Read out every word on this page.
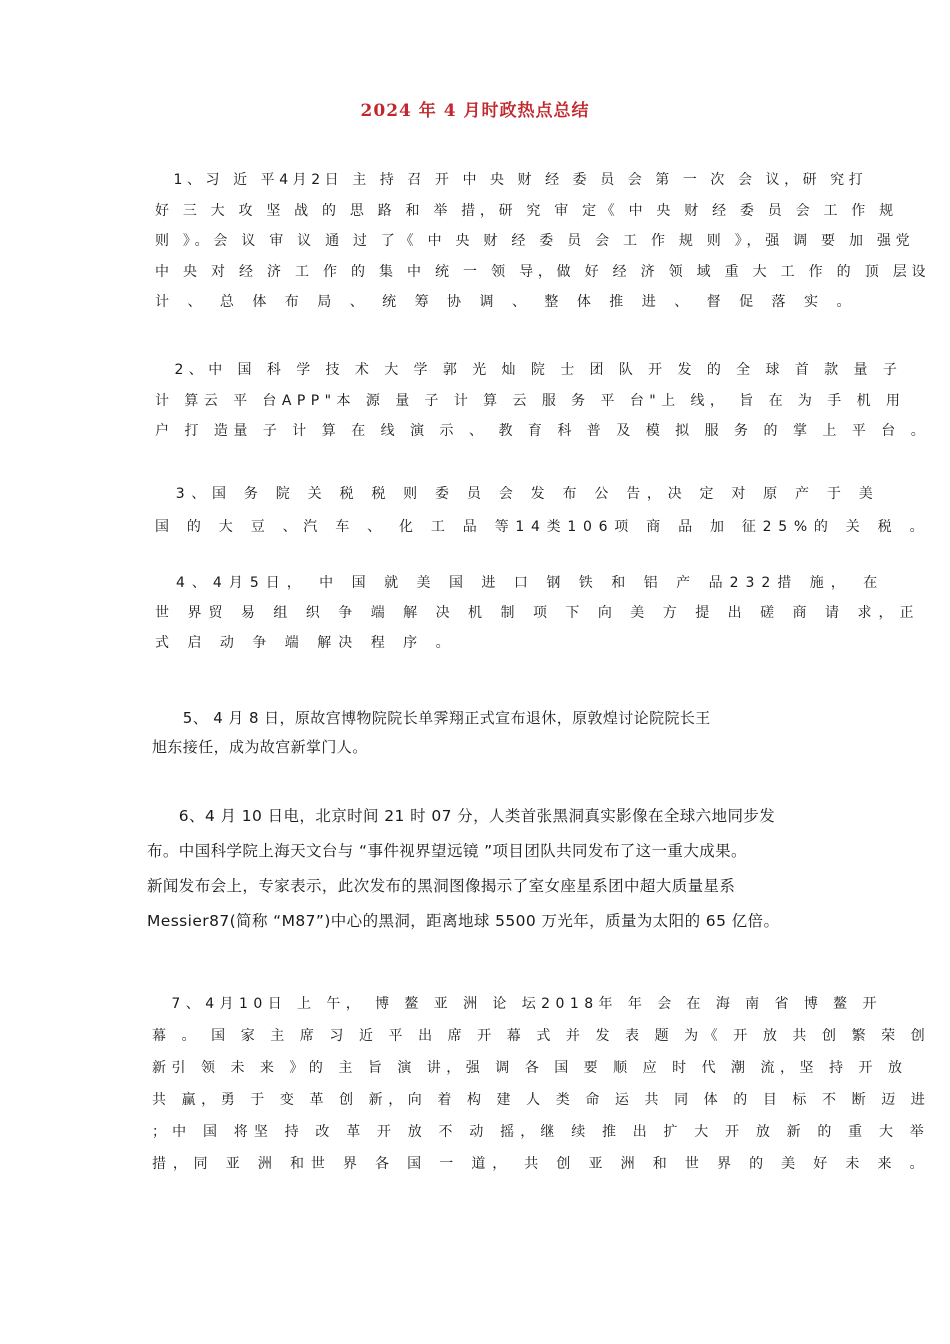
2024 年 4 月时政热点总结
　1、习 近 平4月2日 主 持 召 开 中 央 财 经 委 员 会 第 一 次 会 议，研 究打
好 三 大 攻 坚 战 的 思 路 和 举 措，研 究 审 定《 中 央 财 经 委 员 会 工 作 规
则 》。会 议 审 议 通 过 了《 中 央 财 经 委 员 会 工 作 规 则 》，强 调 要 加 强党
中 央 对 经 济 工 作 的 集 中 统 一 领 导，做 好 经 济 领 域 重 大 工 作 的 顶 层设
计 、 总 体 布 局 、 统 筹 协 调 、 整 体 推 进 、 督 促 落 实 。
　2、中 国 科 学 技 术 大 学 郭 光 灿 院 士 团 队 开 发 的 全 球 首 款 量 子
计 算云 平 台APP"本 源 量 子 计 算 云 服 务 平 台"上 线， 旨 在 为 手 机 用
户 打 造量 子 计 算 在 线 演 示 、 教 育 科 普 及 模 拟 服 务 的 掌 上 平 台 。
　3、国 务 院 关 税 税 则 委 员 会 发 布 公 告，决 定 对 原 产 于 美
国 的 大 豆 、汽 车 、 化 工 品 等14类106项 商 品 加 征25%的 关 税 。
　4、4月5日， 中 国 就 美 国 进 口 钢 铁 和 铝 产 品232措 施， 在
世 界贸 易 组 织 争 端 解 决 机 制 项 下 向 美 方 提 出 磋 商 请 求，正
式 启 动 争 端 解决 程 序 。
　　5、 4 月 8 日，原故宫博物院院长单霁翔正式宣布退休，原敦煌讨论院院长王
旭东接任，成为故宫新掌门人。
　　6、4 月 10 日电，北京时间 21 时 07 分，人类首张黑洞真实影像在全球六地同步发
布。中国科学院上海天文台与 “事件视界望远镜 ”项目团队共同发布了这一重大成果。
新闻发布会上，专家表示，此次发布的黑洞图像揭示了室女座星系团中超大质量星系
Messier87(简称 “M87”)中心的黑洞，距离地球 5500 万光年，质量为太阳的 65 亿倍。
　7、4月10日 上 午， 博 鳌 亚 洲 论 坛2018年 年 会 在 海 南 省 博 鳌 开
幕 。 国 家 主 席 习 近 平 出 席 开 幕 式 并 发 表 题 为《 开 放 共 创 繁 荣 创
新引 领 未 来 》的 主 旨 演 讲，强 调 各 国 要 顺 应 时 代 潮 流，坚 持 开 放
共 赢，勇 于 变 革 创 新，向 着 构 建 人 类 命 运 共 同 体 的 目 标 不 断 迈 进
；中 国 将坚 持 改 革 开 放 不 动 摇，继 续 推 出 扩 大 开 放 新 的 重 大 举
措，同 亚 洲 和世 界 各 国 一 道， 共 创 亚 洲 和 世 界 的 美 好 未 来 。
